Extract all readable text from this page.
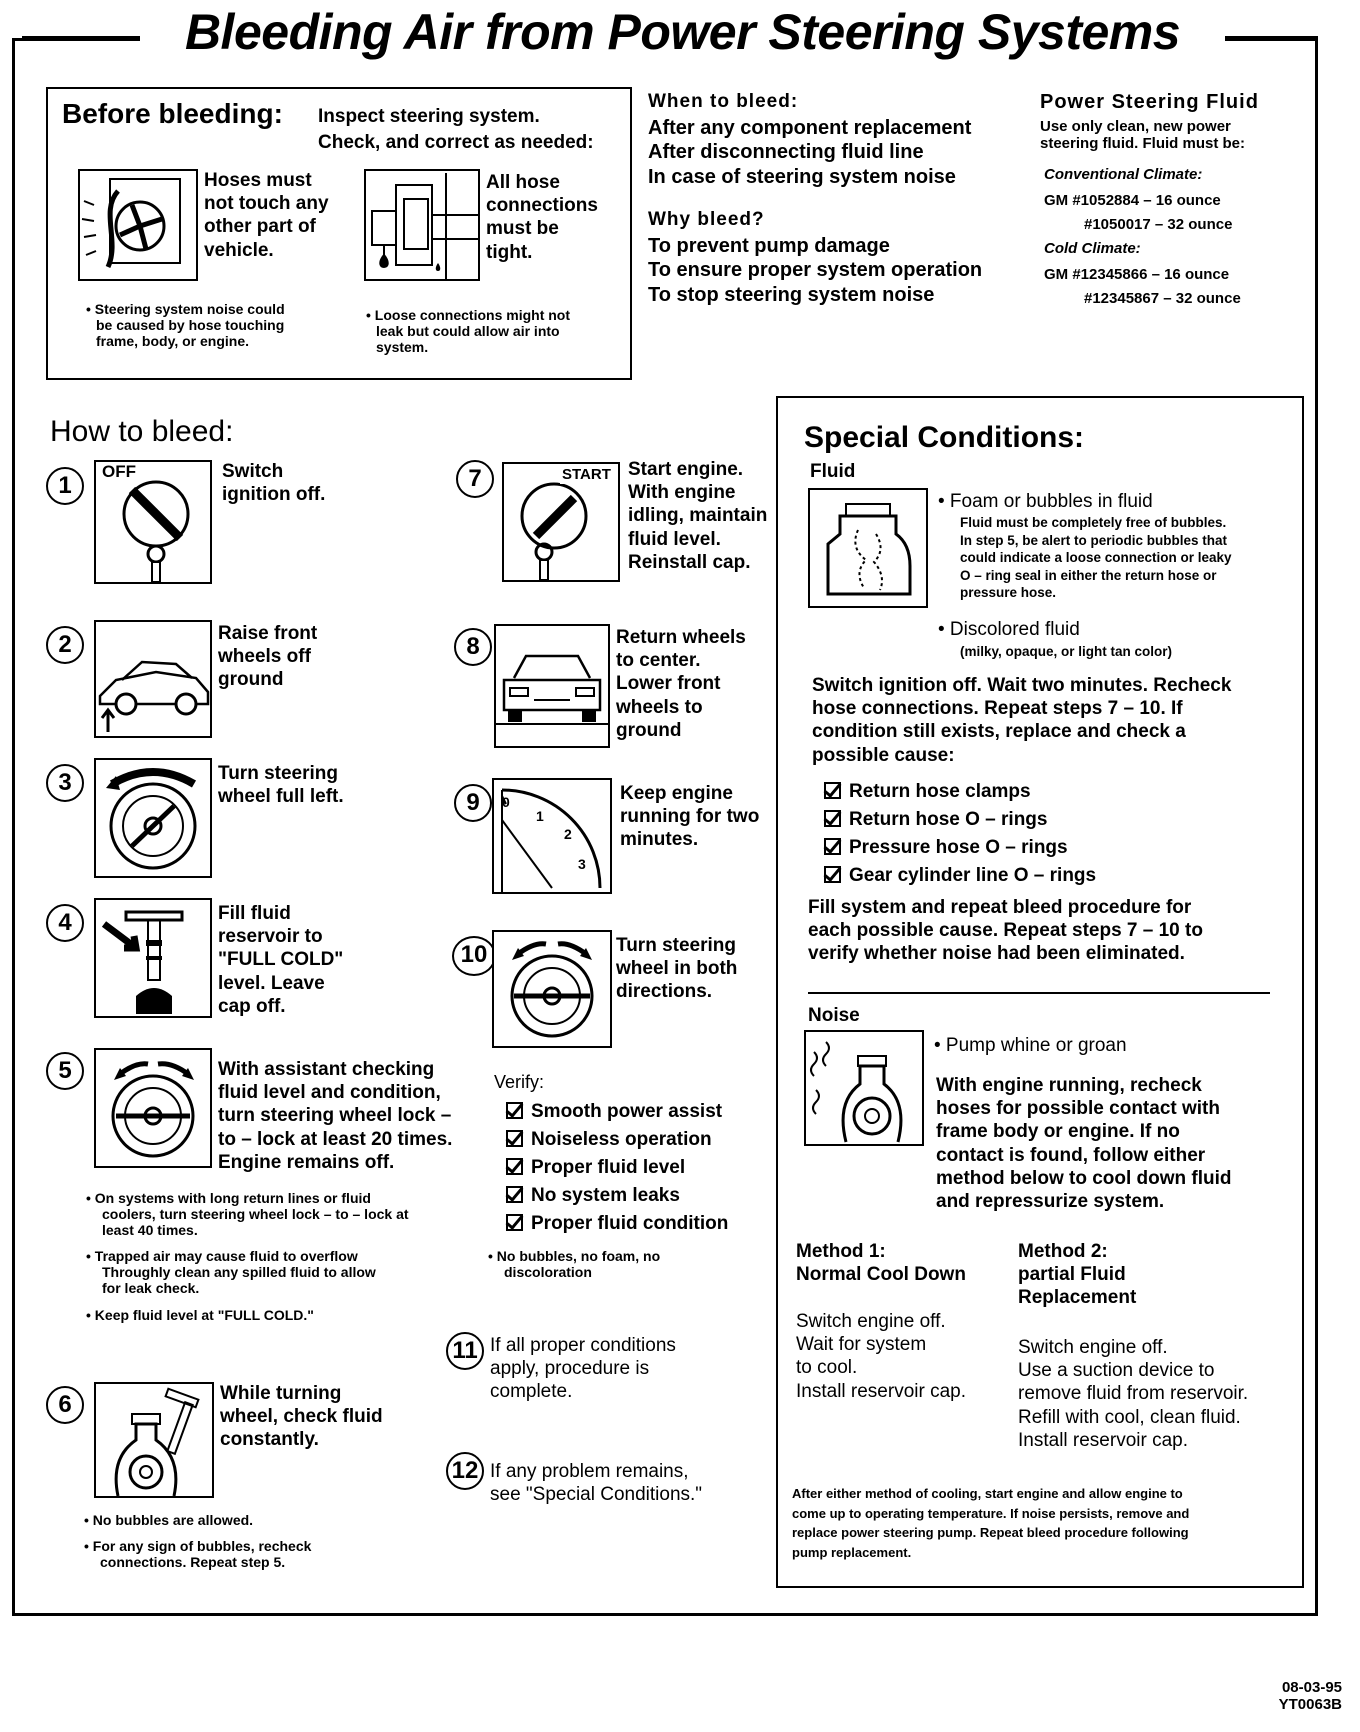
Bleeding Air from Power Steering Systems
Before bleeding: Inspect steering system.
Check, and correct as needed:
Hoses must
not touch any
other part of
vehicle.
All hose
connections
must be
tight.
• Steering system noise could
be caused by hose touching
frame, body, or engine.
• Loose connections might not
leak but could allow air into
system.
When to bleed:
After any component replacement
After disconnecting fluid line
In case of steering system noise
Why bleed?
To prevent pump damage
To ensure proper system operation
To stop steering system noise
Power Steering Fluid
Use only clean, new power
steering fluid. Fluid must be:
Conventional Climate:
GM #1052884 – 16 ounce
#1050017 – 32 ounce
Cold Climate:
GM #12345866 – 16 ounce
#12345867 – 32 ounce
How to bleed:
1
OFF	Switch
ignition off.
2	Raise front
wheels off
ground
3	Turn steering
wheel full left.
4	Fill fluid
reservoir to
"FULL COLD"
level. Leave
cap off.
5	With assistant checking
fluid level and condition,
turn steering wheel lock –
to – lock at least 20 times.
Engine remains off.
• On systems with long return lines or fluid
coolers, turn steering wheel lock – to – lock at
least 40 times.
• Trapped air may cause fluid to overflow
Throughly clean any spilled fluid to allow
for leak check.
• Keep fluid level at "FULL COLD."
6	While turning
wheel, check fluid
constantly.
• No bubbles are allowed.
• For any sign of bubbles, recheck
connections. Repeat step 5.
7	START Start engine.
With engine
idling, maintain
fluid level.
Reinstall cap.
8	Return wheels
to center.
Lower front
wheels to
ground
9	0
1
2
3
Keep engine
running for two
minutes.
10	Turn steering
wheel in both
directions.
Verify:
Smooth power assist
Noiseless operation
Proper fluid level
No system leaks
Proper fluid condition
• No bubbles, no foam, no
discoloration
11 If all proper conditions
apply, procedure is
complete.
12 If any problem remains,
see "Special Conditions."
Special Conditions:
Fluid
• Foam or bubbles in fluid
Fluid must be completely free of bubbles.
In step 5, be alert to periodic bubbles that
could indicate a loose connection or leaky
O – ring seal in either the return hose or
pressure hose.
• Discolored fluid
(milky, opaque, or light tan color)
Switch ignition off. Wait two minutes. Recheck
hose connections. Repeat steps 7 – 10. If
condition still exists, replace and check a
possible cause:
Return hose clamps
Return hose O – rings
Pressure hose O – rings
Gear cylinder line O – rings
Fill system and repeat bleed procedure for
each possible cause. Repeat steps 7 – 10 to
verify whether noise had been eliminated.
Noise
• Pump whine or groan
With engine running, recheck
hoses for possible contact with
frame body or engine. If no
contact is found, follow either
method below to cool down fluid
and repressurize system.
Method 1:
Normal Cool Down
Switch engine off.
Wait for system
to cool.
Install reservoir cap.
Method 2:
partial Fluid
Replacement
Switch engine off.
Use a suction device to
remove fluid from reservoir.
Refill with cool, clean fluid.
Install reservoir cap.
After either method of cooling, start engine and allow engine to
come up to operating temperature. If noise persists, remove and
replace power steering pump. Repeat bleed procedure following
pump replacement.
08-03-95
YT0063B
